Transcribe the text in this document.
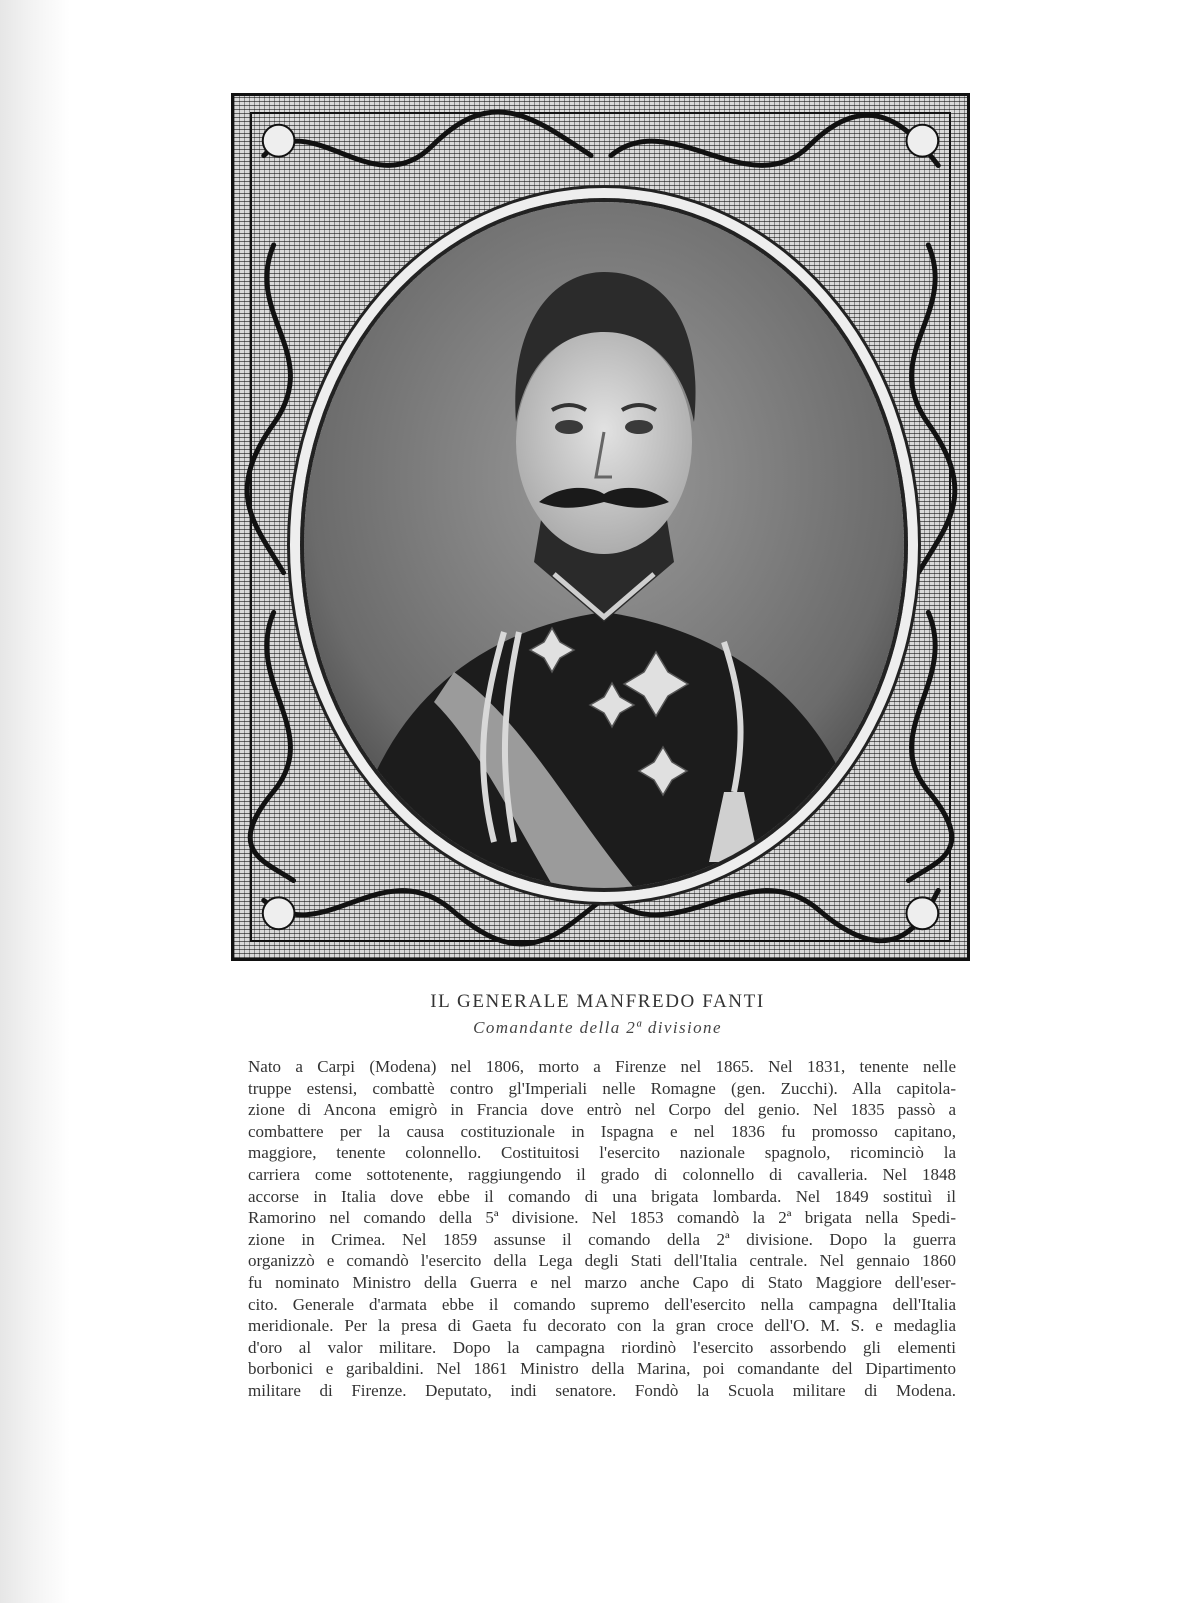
IL GENERALE MANFREDO FANTI
Comandante della 2ª divisione
Nato a Carpi (Modena) nel 1806, morto a Firenze nel 1865. Nel 1831, tenente nelle
truppe estensi, combattè contro gl'Imperiali nelle Romagne (gen. Zucchi). Alla capitola-
zione di Ancona emigrò in Francia dove entrò nel Corpo del genio. Nel 1835 passò a
combattere per la causa costituzionale in Ispagna e nel 1836 fu promosso capitano,
maggiore, tenente colonnello. Costituitosi l'esercito nazionale spagnolo, ricominciò la
carriera come sottotenente, raggiungendo il grado di colonnello di cavalleria. Nel 1848
accorse in Italia dove ebbe il comando di una brigata lombarda. Nel 1849 sostituì il
Ramorino nel comando della 5ª divisione. Nel 1853 comandò la 2ª brigata nella Spedi-
zione in Crimea. Nel 1859 assunse il comando della 2ª divisione. Dopo la guerra
organizzò e comandò l'esercito della Lega degli Stati dell'Italia centrale. Nel gennaio 1860
fu nominato Ministro della Guerra e nel marzo anche Capo di Stato Maggiore dell'eser-
cito. Generale d'armata ebbe il comando supremo dell'esercito nella campagna dell'Italia
meridionale. Per la presa di Gaeta fu decorato con la gran croce dell'O. M. S. e medaglia
d'oro al valor militare. Dopo la campagna riordinò l'esercito assorbendo gli elementi
borbonici e garibaldini. Nel 1861 Ministro della Marina, poi comandante del Dipartimento
militare di Firenze. Deputato, indi senatore. Fondò la Scuola militare di Modena.
